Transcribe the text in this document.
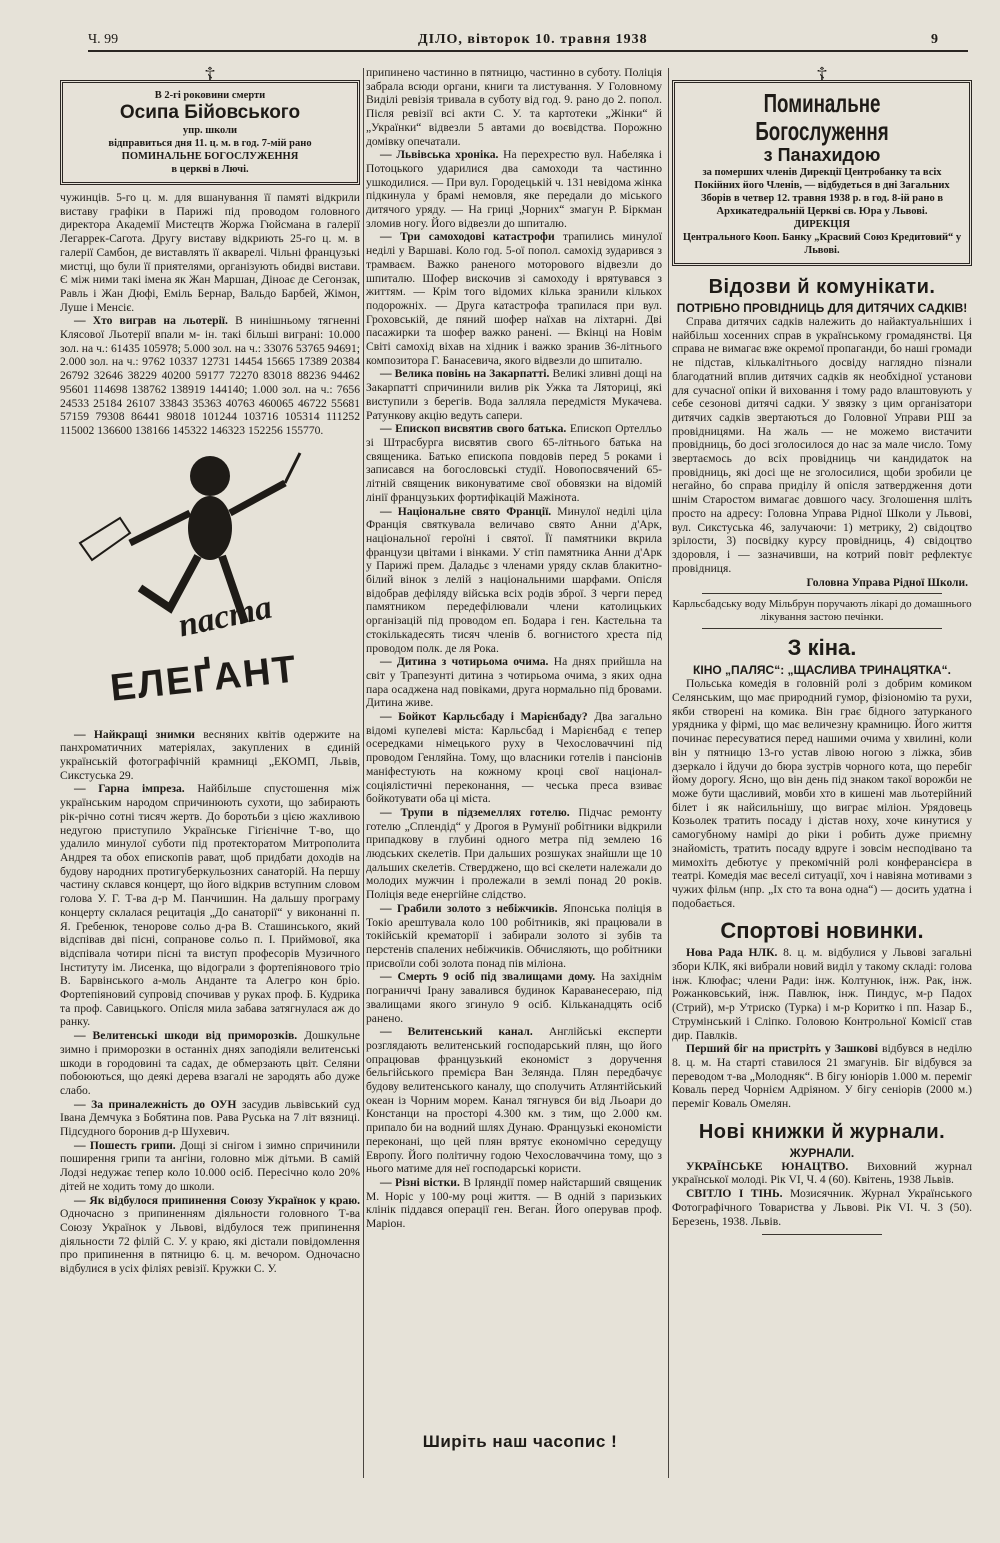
Ч. 99	ДІЛО, вівторок 10. травня 1938	9
☦
В 2-гі роковини смерти
Осипа Бійовського
упр. школи
відправиться дня 11. ц. м. в год. 7-мій рано
ПОМИНАЛЬНЕ БОГОСЛУЖЕННЯ
в церкві в Лючі.

чужинців. 5-го ц. м. для вшанування її памяті відкрили виставу графіки в Парижі під проводом головного директора Академії Мистецтв Жоржа Гюйсмана в галерії Легаррек-Сагота. Другу виставу відкриють 25-го ц. м. в галерії Самбон, де виставлять її акварелі. Чільні французькі мистці, що були її приятелями, організують обидві вистави. Є між ними такі імена як Жан Маршан, Діноає де Сегонзак, Равль і Жан Дюфі, Еміль Бернар, Вальдо Барбей, Жімон, Луше і Менсіє.

— Хто виграв на льотерії. В нинішньому тягненні Клясової Льотерії впали м- ін. такі більші виграні: 10.000 зол. на ч.: 61435 105978; 5.000 зол. на ч.: 33076 53765 94691; 2.000 зол. на ч.: 9762 10337 12731 14454 15665 17389 20384 26792 32646 38229 40200 59177 72270 83018 88236 94462 95601 114698 138762 138919 144140; 1.000 зол. на ч.: 7656 24533 25184 26107 33843 35363 40763 460065 46722 55681 57159 79308 86441 98018 101244 103716 105314 111252 115002 136600 138166 145322 146323 152256 155770.

паста
ЕЛЕҐАНТ

— Найкращі знимки весняних квітів одержите на панхроматичних матеріялах, закуплених в єдиній українській фотографічній крамниці „ЕКОМП, Львів, Сикстуська 29.

— Гарна імпреза. Найбільше спустошення між українським народом спричинюють сухоти, що забирають рік-річно сотні тисяч жертв. До боротьби з цією жахливою недугою приступило Українське Гігієнічне Т-во, що удалило минулої суботи під протекторатом Митрополита Андрея та обох епископів рават, щоб придбати доходів на будову народних протигуберкульозних санаторій. На першу частину склався концерт, що його відкрив вступним словом голова У. Г. Т-ва д-р М. Панчишин. На дальшу програму концерту склалася рецитація „До санаторії“ у виконанні п. Я. Гребенюк, тенорове сольо д-ра В. Сташинського, який відспівав дві пісні, сопранове сольо п. І. Приймової, яка відспівала чотири пісні та виступ професорів Музичного Інституту ім. Лисенка, що відограли з фортепіянового тріо В. Барвінського а-моль Андантe та Алегро кон бріо. Фортепіяновий супровід спочивав у руках проф. Б. Кудрика та проф. Савицького. Опісля мила забава затягнулася аж до ранку.

— Велитенські шкоди від приморозків. Дошкульне зимно і приморозки в останніх днях заподіяли велитенські шкоди в городовині та садах, де обмерзають цвіт. Селяни побоюються, що деякі дерева взагалі не зародять або дуже слабо.

— За приналежність до ОУН засудив львівський суд Івана Демчука з Бобятина пов. Рава Руська на 7 літ вязниці. Підсудного боронив д-р Шухевич.

— Пошесть грипи. Дощі зі снігом і зимно спричинили поширення грипи та ангіни, головно між дітьми. В самій Лодзі недужає тепер коло 10.000 осіб. Пересічно коло 20% дітей не ходить тому до школи.

— Як відбулося припинення Союзу Українок у краю. Одночасно з припиненням діяльности головного Т-ва Союзу Українок у Львові, відбулося теж припинення діяльности 72 філій С. У. у краю, які дістали повідомлення про припинення в пятницю 6. ц. м. вечором. Одночасно відбулися в усіх філіях ревізії. Кружки С. У.

припинено частинно в пятницю, частинно в суботу. Поліція забрала всюди органи, книги та листування. У Головному Виділі ревізія тривала в суботу від год. 9. рано до 2. попол. Після ревізії всі акти С. У. та картотеки „Жінки“ й „Українки“ відвезли 5 автами до воєвідства. Порожню домівку опечатали.

— Львівська хроніка. На перехрестю вул. Набеляка і Потоцького ударилися два самоходи та частинно ушкодилися. — При вул. Городецькій ч. 131 невідома жінка підкинула у брамі немовля, яке передали до міського дитячого уряду. — На гриці „Чорних“ змагун Р. Біркман зломив ногу. Його відвезли до шпиталю.

— Три самоходові катастрофи трапились минулої неділі у Варшаві. Коло год. 5-ої попол. самохід зударився з трамваєм. Важко раненого моторового відвезли до шпиталю. Шофер вискочив зі самоходу і врятувався з життям. — Крім того відомих кілька зранили кількох подорожніх. — Друга катастрофа трапилася при вул. Гроховській, де пяний шофер наїхав на ліхтарні. Дві пасажирки та шофер важко ранені. — Вкінці на Новім Світі самохід віхав на хідник і важко зранив 36-літнього композитора Г. Банасевича, якого відвезли до шпиталю.

— Велика повінь на Закарпатті. Великі зливні дощі на Закарпатті спричинили вилив рік Ужка та Ляториці, які виступили з берегів. Вода залляла передмістя Мукачева. Ратункову акцію ведуть сапери.

— Епископ висвятив свого батька. Епископ Ортелльо зі Штрасбурга висвятив свого 65-літнього батька на священика. Батько епископа повдовів перед 5 роками і записався на богословські студії. Новопосвячений 65-літній священик виконуватиме свої обовязки на відомій лінії французьких фортифікацій Мажінота.

— Національне свято Франції. Минулої неділі ціла Франція святкувала величаво свято Анни д'Арк, національної героїні і святої. Її памятники вкрила французи цвітами і вінками. У стіп памятника Анни д'Арк у Парижі прем. Даладьє з членами уряду склав блакитно-білий вінок з лелій з національними шарфами. Опісля відобрав дефіляду війська всіх родів зброї. З черги перед памятником передефілювали члени католицьких організацій під проводом еп. Бодара і ген. Кастельна та стокількадесять тисяч членів б. вогнистого хреста під проводом полк. де ля Рока.

— Дитина з чотирьома очима. На днях прийшла на світ у Трапезунті дитина з чотирьома очима, з яких одна пара осаджена над повіками, друга нормально під бровами. Дитина живе.

— Бойкот Карльсбаду і Марієнбаду? Два загально відомі купелеві міста: Карльсбад і Марієнбад є тепер осередками німецького руху в Чехословаччині під проводом Генляйна. Тому, що власники готелів і пансіонів маніфестують на кожному кроці свої націонал-соціялістичні переконання, — чеська преса взиває бойкотувати оба ці міста.

— Трупи в підземеллях готелю. Підчас ремонту готелю „Сплендід“ у Дрогоя в Румунії робітники відкрили припадкову в глубині одного метра під землею 16 людських скелетів. При дальших розшуках знайшли ще 10 дальших скелетів. Стверджено, що всі скелети належали до молодих мужчин і пролежали в землі понад 20 років. Поліція веде енергійне слідство.

— Грабили золото з небіжчиків. Японська поліція в Токіо арештувала коло 100 робітників, які працювали в токійській крематорії і забирали золото зі зубів та перстенів спалених небіжчиків. Обчисляють, що робітники присвоїли собі золота понад пів міліона.

— Смерть 9 осіб під звалищами дому. На західнім пограниччі Ірану завалився будинок Караванесераю, під звалищами якого згинуло 9 осіб. Кільканадцять осіб ранено.

— Велитенський канал. Англійські експерти розглядають велитенський господарський плян, що його опрацював французький економіст з доручення бельгійського премієра Ван Зеляндa. Плян передбачує будову велитенського каналу, що сполучить Атлянтійський океан із Чорним морем. Канал тягнувся би від Льоари до Констанци на просторі 4.300 км. з тим, що 2.000 км. припало би на водний шлях Дунаю. Французькі економісти переконані, що цей плян врятує економічно середущу Европу. Його політичну годою Чехословаччина тому, що з нього матиме для неї господарські користи.

— Різні вістки. В Ірляндії помер найстарший священик М. Норіс у 100-му році життя. — В одній з паризьких клінік піддався операції ген. Веган. Його оперував проф. Маріон.

☦
Поминальне Богослуження
з Панахидою
за померших членів Дирекції Центробанку та всіх Покійних його Членів, — відбудеться в дні Загальних Зборів в четвер 12. травня 1938 р. в год. 8-ій рано в Архикатедральній Церкві св. Юра у Львові.
ДИРЕКЦІЯ
Центрального Кооп. Банку „Красвий Союз Кредитовий“ у Львові.
Відозви й комунікати.
ПОТРІБНО ПРОВІДНИЦЬ ДЛЯ ДИТЯЧИХ САДКІВ!

Справа дитячих садків належить до найактуальніших і найбільш хосенних справ в українському громадянстві. Ця справа не вимагає вже окремої пропаганди, бо наші громади не підстав, кількалітнього досвіду наглядно пізнали благодатний вплив дитячих садків як необхідної установи для сучасної опіки й виховання і тому радо влаштовують у себе сезонові дитячі садки. У звязку з цим організатори дитячих садків звертаються до Головної Управи РШ за провідницями. На жаль — не можемо вистачити провідниць, бо досі зголосилося до нас за мале число. Тому звертаємось до всіх провідниць чи кандидаток на провідниць, які досі ще не зголосилися, щоби зробили це негайно, бо справа приділу й опісля затвердження доти шнім Старостом вимагає довшого часу. Зголошення шліть просто на адресу: Головна Управа Рідної Школи у Львові, вул. Сикстуська 46, залучаючи: 1) метрику, 2) свідоцтво зрілости, 3) посвідку курсу провідниць, 4) свідоцтво здоровля, і — зазначивши, на котрий повіт рефлектує провідниця.

Головна Управа Рідної Школи.
Карльсбадську воду Мільбрун поручають лікарі до домашнього лікування застою печінки.
З кіна.
КІНО „ПАЛЯС“: „ЩАСЛИВА ТРИНАЦЯТКА“.

Польська комедія в головній ролі з добрим комиком Селянським, що має природний гумор, фізіономію та рухи, якби створені на комика. Він грає бідного затурканого урядника у фірмі, що має величезну крамницю. Його життя починає пересуватися перед нашими очима у хвилині, коли він у пятницю 13-го устав лівою ногою з ліжка, збив дзеркало і йдучи до бюра зустрів чорного кота, що перебіг йому дорогу. Ясно, що він день під знаком такої ворожби не може бути щасливий, мовби хто в кишені мав льотерійний білет і як найсильнішу, що виграє міліон. Урядовець Козьолек тратить посаду і дістав ноху, хоче кинутися у самогубному намірі до ріки і робить дуже приємну знайомість, тратить посаду вдруге і зовсім несподівано та мимохіть дебютує у прекомічній ролі конферансієра в театрі. Комедія має веселі ситуації, хоч і навіяна мотивами з чужих фільм (нпр. „Іх сто та вона одна“) — досить удатна і подобається.

Спортові новинки.

Нова Рада НЛК. 8. ц. м. відбулися у Львові загальні збори КЛК, які вибрали новий виділ у такому складі: голова інж. Клюфас; члени Ради: інж. Колтунюк, інж. Рак, інж. Рожанковський, інж. Павлюк, інж. Пиндус, м-р Падох (Стрий), м-р Утриско (Турка) і м-р Коритко і пп. Назар Б., Струмінський і Сліпко. Головою Контрольної Комісії став дир. Павлків.

Перший біг на пристріть у Зашкові відбувся в неділю 8. ц. м. На старті ставилося 21 змагунів. Біг відбувся за переводом т-ва „Молодняк“. В бігу юніорів 1.000 м. переміг Коваль перед Чорнієм Адріяном. У бігу сеніорів (2000 м.) переміг Коваль Омелян.

Нові книжки й журнали.
ЖУРНАЛИ.

УКРАЇНСЬКЕ ЮНАЦТВО. Виховний журнал української молоді. Рік VI, Ч. 4 (60). Квітень, 1938 Львів.

СВІТЛО І ТІНЬ. Мозисячник. Журнал Українського Фотографічного Товариства у Львові. Рік VI. Ч. 3 (50). Березень, 1938. Львів.

Ширіть наш часопис !
